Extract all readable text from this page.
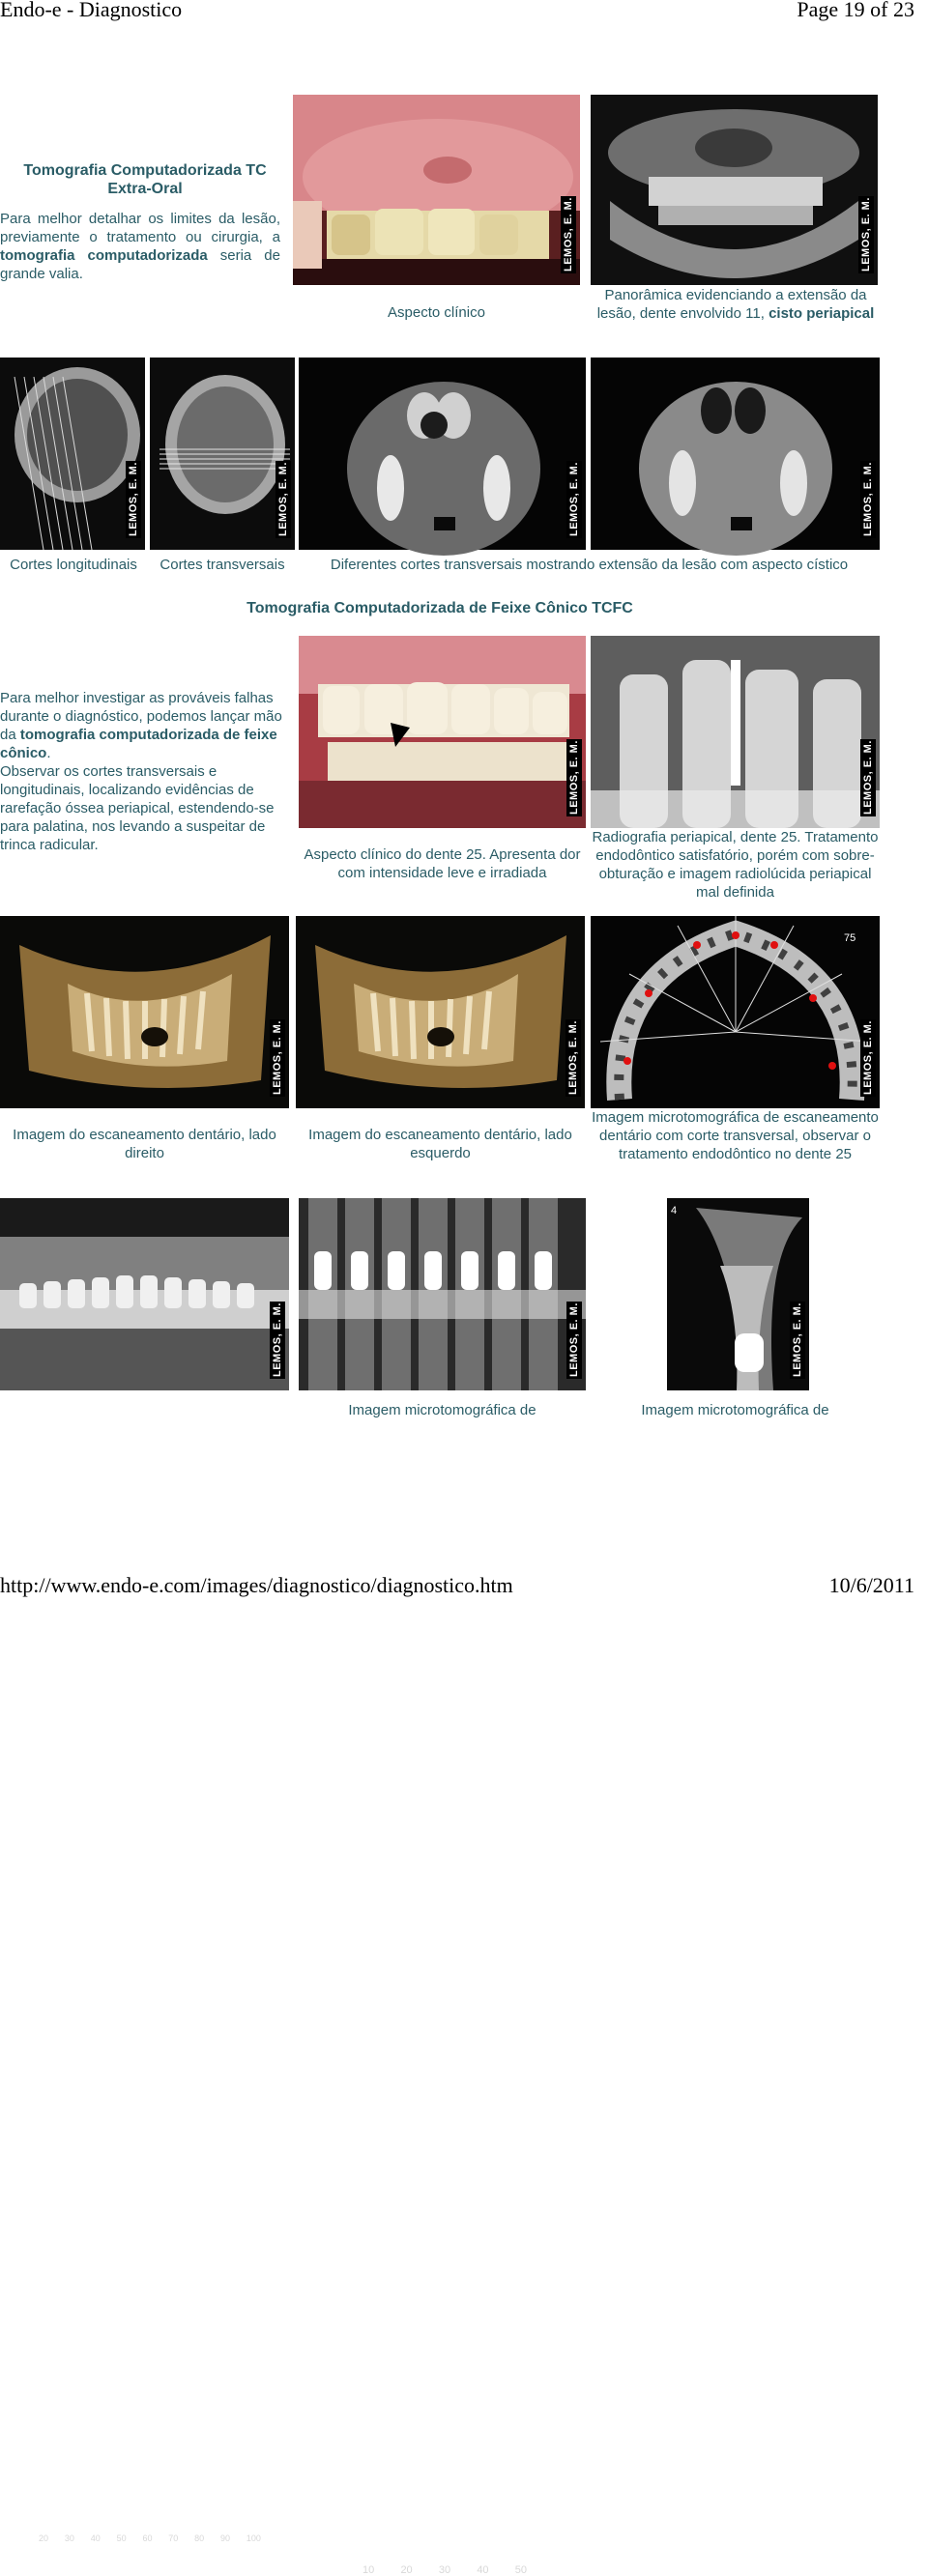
Endo-e - Diagnostico	Page 19 of 23
Tomografia Computadorizada TC
Extra-Oral
Para melhor detalhar os limites da lesão, previamente o tratamento ou cirurgia, a tomografia computadorizada seria de grande valia.
LEMOS, E. M.	LEMOS, E. M.
Aspecto clínico
Panorâmica evidenciando a extensão da lesão, dente envolvido 11, cisto periapical
LEMOS, E. M.	LEMOS, E. M.	LEMOS, E. M.	LEMOS, E. M.
Cortes longitudinais	Cortes transversais	Diferentes cortes transversais mostrando extensão da lesão com aspecto cístico
Tomografia Computadorizada de Feixe Cônico TCFC
Para melhor investigar as prováveis falhas durante o diagnóstico, podemos lançar mão da tomografia computadorizada de feixe cônico.
Observar os cortes transversais e longitudinais, localizando evidências de rarefação óssea periapical, estendendo-se para palatina, nos levando a suspeitar de trinca radicular.
LEMOS, E. M.	LEMOS, E. M.
Aspecto clínico do dente 25. Apresenta dor com intensidade leve e irradiada
Radiografia periapical, dente 25. Tratamento endodôntico satisfatório, porém com sobre-obturação e imagem radiolúcida periapical mal definida
LEMOS, E. M.	LEMOS, E. M.
75
LEMOS, E. M.
Imagem do escaneamento dentário, lado direito
Imagem do escaneamento dentário, lado esquerdo
Imagem microtomográfica de escaneamento dentário com corte transversal, observar o tratamento endodôntico no dente 25
20 30 40 50 60 70 80 90 100
LEMOS, E. M.
10 20 30 40 50
LEMOS, E. M.
4
LEMOS, E. M.
Imagem microtomográfica de	Imagem microtomográfica de
http://www.endo-e.com/images/diagnostico/diagnostico.htm	10/6/2011
